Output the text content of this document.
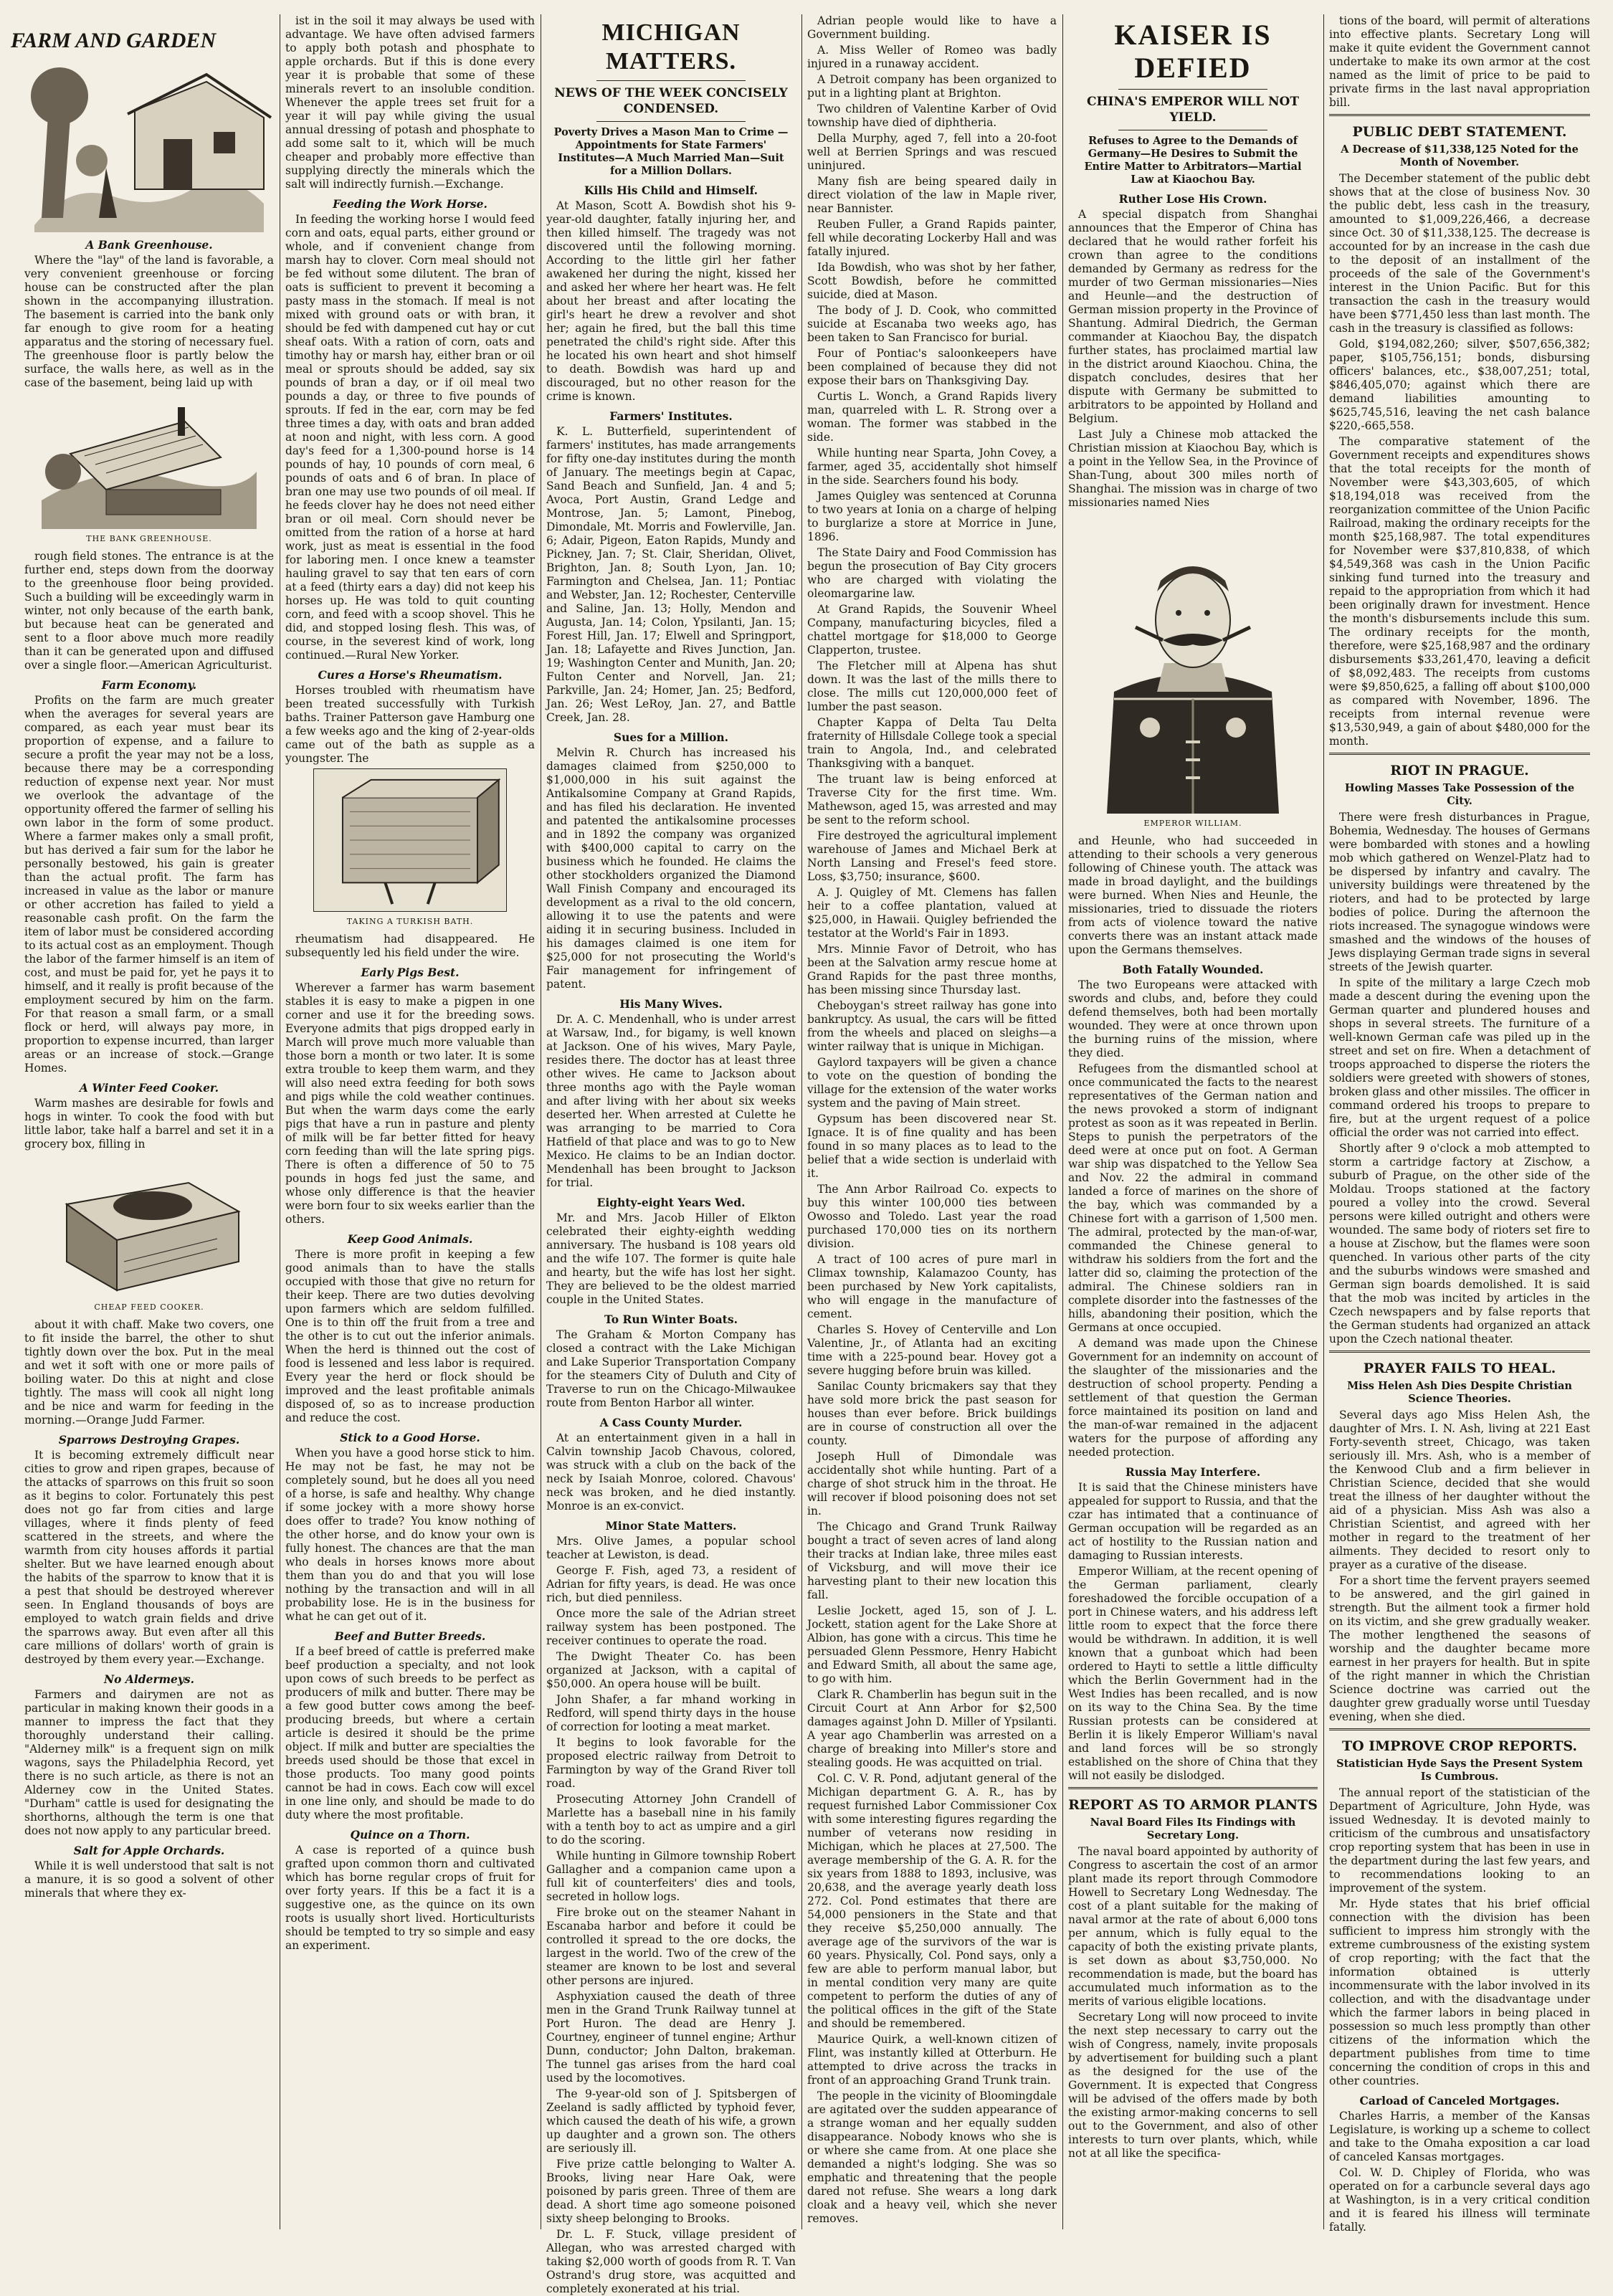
FARM AND GARDEN
A Bank Greenhouse.

Where the "lay" of the land is favorable, a very convenient greenhouse or forcing house can be constructed after the plan shown in the accompanying illustration. The basement is carried into the bank only far enough to give room for a heating apparatus and the storing of necessary fuel. The greenhouse floor is partly below the surface, the walls here, as well as in the case of the basement, being laid up with

THE BANK GREENHOUSE.

rough field stones. The entrance is at the further end, steps down from the doorway to the greenhouse floor being provided. Such a building will be exceedingly warm in winter, not only because of the earth bank, but because heat can be generated and sent to a floor above much more readily than it can be generated upon and diffused over a single floor.—American Agriculturist.

Farm Economy.

Profits on the farm are much greater when the averages for several years are compared, as each year must bear its proportion of expense, and a failure to secure a profit the year may not be a loss, because there may be a corresponding reduction of expense next year. Nor must we overlook the advantage of the opportunity offered the farmer of selling his own labor in the form of some product. Where a farmer makes only a small profit, but has derived a fair sum for the labor he personally bestowed, his gain is greater than the actual profit. The farm has increased in value as the labor or manure or other accretion has failed to yield a reasonable cash profit. On the farm the item of labor must be considered according to its actual cost as an employment. Though the labor of the farmer himself is an item of cost, and must be paid for, yet he pays it to himself, and it really is profit because of the employment secured by him on the farm. For that reason a small farm, or a small flock or herd, will always pay more, in proportion to expense incurred, than larger areas or an increase of stock.—Grange Homes.

A Winter Feed Cooker.

Warm mashes are desirable for fowls and hogs in winter. To cook the food with but little labor, take half a barrel and set it in a grocery box, filling in

CHEAP FEED COOKER.

about it with chaff. Make two covers, one to fit inside the barrel, the other to shut tightly down over the box. Put in the meal and wet it soft with one or more pails of boiling water. Do this at night and close tightly. The mass will cook all night long and be nice and warm for feeding in the morning.—Orange Judd Farmer.

Sparrows Destroying Grapes.

It is becoming extremely difficult near cities to grow and ripen grapes, because of the attacks of sparrows on this fruit so soon as it begins to color. Fortunately this pest does not go far from cities and large villages, where it finds plenty of feed scattered in the streets, and where the warmth from city houses affords it partial shelter. But we have learned enough about the habits of the sparrow to know that it is a pest that should be destroyed wherever seen. In England thousands of boys are employed to watch grain fields and drive the sparrows away. But even after all this care millions of dollars' worth of grain is destroyed by them every year.—Exchange.

No Aldermeys.

Farmers and dairymen are not as particular in making known their goods in a manner to impress the fact that they thoroughly understand their calling. "Alderney milk" is a frequent sign on milk wagons, says the Philadelphia Record, yet there is no such article, as there is not an Alderney cow in the United States. "Durham" cattle is used for designating the shorthorns, although the term is one that does not now apply to any particular breed.

Salt for Apple Orchards.

While it is well understood that salt is not a manure, it is so good a solvent of other minerals that where they ex-

ist in the soil it may always be used with advantage. We have often advised farmers to apply both potash and phosphate to apple orchards. But if this is done every year it is probable that some of these minerals revert to an insoluble condition. Whenever the apple trees set fruit for a year it will pay while giving the usual annual dressing of potash and phosphate to add some salt to it, which will be much cheaper and probably more effective than supplying directly the minerals which the salt will indirectly furnish.—Exchange.

Feeding the Work Horse.

In feeding the working horse I would feed corn and oats, equal parts, either ground or whole, and if convenient change from marsh hay to clover. Corn meal should not be fed without some dilutent. The bran of oats is sufficient to prevent it becoming a pasty mass in the stomach. If meal is not mixed with ground oats or with bran, it should be fed with dampened cut hay or cut sheaf oats. With a ration of corn, oats and timothy hay or marsh hay, either bran or oil meal or sprouts should be added, say six pounds of bran a day, or if oil meal two pounds a day, or three to five pounds of sprouts. If fed in the ear, corn may be fed three times a day, with oats and bran added at noon and night, with less corn. A good day's feed for a 1,300-pound horse is 14 pounds of hay, 10 pounds of corn meal, 6 pounds of oats and 6 of bran. In place of bran one may use two pounds of oil meal. If he feeds clover hay he does not need either bran or oil meal. Corn should never be omitted from the ration of a horse at hard work, just as meat is essential in the food for laboring men. I once knew a teamster hauling gravel to say that ten ears of corn at a feed (thirty ears a day) did not keep his horses up. He was told to quit counting corn, and feed with a scoop shovel. This he did, and stopped losing flesh. This was, of course, in the severest kind of work, long continued.—Rural New Yorker.

Cures a Horse's Rheumatism.

Horses troubled with rheumatism have been treated successfully with Turkish baths. Trainer Patterson gave Hamburg one a few weeks ago and the king of 2-year-olds came out of the bath as supple as a youngster. The

TAKING A TURKISH BATH.

rheumatism had disappeared. He subsequently led his field under the wire.

Early Pigs Best.

Wherever a farmer has warm basement stables it is easy to make a pigpen in one corner and use it for the breeding sows. Everyone admits that pigs dropped early in March will prove much more valuable than those born a month or two later. It is some extra trouble to keep them warm, and they will also need extra feeding for both sows and pigs while the cold weather continues. But when the warm days come the early pigs that have a run in pasture and plenty of milk will be far better fitted for heavy corn feeding than will the late spring pigs. There is often a difference of 50 to 75 pounds in hogs fed just the same, and whose only difference is that the heavier were born four to six weeks earlier than the others.

Keep Good Animals.

There is more profit in keeping a few good animals than to have the stalls occupied with those that give no return for their keep. There are two duties devolving upon farmers which are seldom fulfilled. One is to thin off the fruit from a tree and the other is to cut out the inferior animals. When the herd is thinned out the cost of food is lessened and less labor is required. Every year the herd or flock should be improved and the least profitable animals disposed of, so as to increase production and reduce the cost.

Stick to a Good Horse.

When you have a good horse stick to him. He may not be fast, he may not be completely sound, but he does all you need of a horse, is safe and healthy. Why change if some jockey with a more showy horse does offer to trade? You know nothing of the other horse, and do know your own is fully honest. The chances are that the man who deals in horses knows more about them than you do and that you will lose nothing by the transaction and will in all probability lose. He is in the business for what he can get out of it.

Beef and Butter Breeds.

If a beef breed of cattle is preferred make beef production a specialty, and not look upon cows of such breeds to be perfect as producers of milk and butter. There may be a few good butter cows among the beef-producing breeds, but where a certain article is desired it should be the prime object. If milk and butter are specialties the breeds used should be those that excel in those products. Too many good points cannot be had in cows. Each cow will excel in one line only, and should be made to do duty where the most profitable.

Quince on a Thorn.

A case is reported of a quince bush grafted upon common thorn and cultivated which has borne regular crops of fruit for over forty years. If this be a fact it is a suggestive one, as the quince on its own roots is usually short lived. Horticulturists should be tempted to try so simple and easy an experiment.

MICHIGAN MATTERS.
NEWS OF THE WEEK CONCISELY CONDENSED.
Poverty Drives a Mason Man to Crime —Appointments for State Farmers' Institutes—A Much Married Man—Suit for a Million Dollars.
Kills His Child and Himself.

At Mason, Scott A. Bowdish shot his 9-year-old daughter, fatally injuring her, and then killed himself. The tragedy was not discovered until the following morning. According to the little girl her father awakened her during the night, kissed her and asked her where her heart was. He felt about her breast and after locating the girl's heart he drew a revolver and shot her; again he fired, but the ball this time penetrated the child's right side. After this he located his own heart and shot himself to death. Bowdish was hard up and discouraged, but no other reason for the crime is known.

Farmers' Institutes.

K. L. Butterfield, superintendent of farmers' institutes, has made arrangements for fifty one-day institutes during the month of January. The meetings begin at Capac, Sand Beach and Sunfield, Jan. 4 and 5; Avoca, Port Austin, Grand Ledge and Montrose, Jan. 5; Lamont, Pinebog, Dimondale, Mt. Morris and Fowlerville, Jan. 6; Adair, Pigeon, Eaton Rapids, Mundy and Pickney, Jan. 7; St. Clair, Sheridan, Olivet, Brighton, Jan. 8; South Lyon, Jan. 10; Farmington and Chelsea, Jan. 11; Pontiac and Webster, Jan. 12; Rochester, Centerville and Saline, Jan. 13; Holly, Mendon and Augusta, Jan. 14; Colon, Ypsilanti, Jan. 15; Forest Hill, Jan. 17; Elwell and Springport, Jan. 18; Lafayette and Rives Junction, Jan. 19; Washington Center and Munith, Jan. 20; Fulton Center and Norvell, Jan. 21; Parkville, Jan. 24; Homer, Jan. 25; Bedford, Jan. 26; West LeRoy, Jan. 27, and Battle Creek, Jan. 28.

Sues for a Million.

Melvin R. Church has increased his damages claimed from $250,000 to $1,000,000 in his suit against the Antikalsomine Company at Grand Rapids, and has filed his declaration. He invented and patented the antikalsomine processes and in 1892 the company was organized with $400,000 capital to carry on the business which he founded. He claims the other stockholders organized the Diamond Wall Finish Company and encouraged its development as a rival to the old concern, allowing it to use the patents and were aiding it in securing business. Included in his damages claimed is one item for $25,000 for not prosecuting the World's Fair management for infringement of patent.

His Many Wives.

Dr. A. C. Mendenhall, who is under arrest at Warsaw, Ind., for bigamy, is well known at Jackson. One of his wives, Mary Payle, resides there. The doctor has at least three other wives. He came to Jackson about three months ago with the Payle woman and after living with her about six weeks deserted her. When arrested at Culette he was arranging to be married to Cora Hatfield of that place and was to go to New Mexico. He claims to be an Indian doctor. Mendenhall has been brought to Jackson for trial.

Eighty-eight Years Wed.

Mr. and Mrs. Jacob Hiller of Elkton celebrated their eighty-eighth wedding anniversary. The husband is 108 years old and the wife 107. The former is quite hale and hearty, but the wife has lost her sight. They are believed to be the oldest married couple in the United States.

To Run Winter Boats.

The Graham & Morton Company has closed a contract with the Lake Michigan and Lake Superior Transportation Company for the steamers City of Duluth and City of Traverse to run on the Chicago-Milwaukee route from Benton Harbor all winter.

A Cass County Murder.

At an entertainment given in a hall in Calvin township Jacob Chavous, colored, was struck with a club on the back of the neck by Isaiah Monroe, colored. Chavous' neck was broken, and he died instantly. Monroe is an ex-convict.

Minor State Matters.

Mrs. Olive James, a popular school teacher at Lewiston, is dead.

George F. Fish, aged 73, a resident of Adrian for fifty years, is dead. He was once rich, but died penniless.

Once more the sale of the Adrian street railway system has been postponed. The receiver continues to operate the road.

The Dwight Theater Co. has been organized at Jackson, with a capital of $50,000. An opera house will be built.

John Shafer, a far mhand working in Redford, will spend thirty days in the house of correction for looting a meat market.

It begins to look favorable for the proposed electric railway from Detroit to Farmington by way of the Grand River toll road.

Prosecuting Attorney John Crandell of Marlette has a baseball nine in his family with a tenth boy to act as umpire and a girl to do the scoring.

While hunting in Gilmore township Robert Gallagher and a companion came upon a full kit of counterfeiters' dies and tools, secreted in hollow logs.

Fire broke out on the steamer Nahant in Escanaba harbor and before it could be controlled it spread to the ore docks, the largest in the world. Two of the crew of the steamer are known to be lost and several other persons are injured.

Asphyxiation caused the death of three men in the Grand Trunk Railway tunnel at Port Huron. The dead are Henry J. Courtney, engineer of tunnel engine; Arthur Dunn, conductor; John Dalton, brakeman. The tunnel gas arises from the hard coal used by the locomotives.

The 9-year-old son of J. Spitsbergen of Zeeland is sadly afflicted by typhoid fever, which caused the death of his wife, a grown up daughter and a grown son. The others are seriously ill.

Five prize cattle belonging to Walter A. Brooks, living near Hare Oak, were poisoned by paris green. Three of them are dead. A short time ago someone poisoned sixty sheep belonging to Brooks.

Dr. L. F. Stuck, village president of Allegan, who was arrested charged with taking $2,000 worth of goods from R. T. Van Ostrand's drug store, was acquitted and completely exonerated at his trial.

Adrian people would like to have a Government building.

A. Miss Weller of Romeo was badly injured in a runaway accident.

A Detroit company has been organized to put in a lighting plant at Brighton.

Two children of Valentine Karber of Ovid township have died of diphtheria.

Della Murphy, aged 7, fell into a 20-foot well at Berrien Springs and was rescued uninjured.

Many fish are being speared daily in direct violation of the law in Maple river, near Bannister.

Reuben Fuller, a Grand Rapids painter, fell while decorating Lockerby Hall and was fatally injured.

Ida Bowdish, who was shot by her father, Scott Bowdish, before he committed suicide, died at Mason.

The body of J. D. Cook, who committed suicide at Escanaba two weeks ago, has been taken to San Francisco for burial.

Four of Pontiac's saloonkeepers have been complained of because they did not expose their bars on Thanksgiving Day.

Curtis L. Wonch, a Grand Rapids livery man, quarreled with L. R. Strong over a woman. The former was stabbed in the side.

While hunting near Sparta, John Covey, a farmer, aged 35, accidentally shot himself in the side. Searchers found his body.

James Quigley was sentenced at Corunna to two years at Ionia on a charge of helping to burglarize a store at Morrice in June, 1896.

The State Dairy and Food Commission has begun the prosecution of Bay City grocers who are charged with violating the oleomargarine law.

At Grand Rapids, the Souvenir Wheel Company, manufacturing bicycles, filed a chattel mortgage for $18,000 to George Clapperton, trustee.

The Fletcher mill at Alpena has shut down. It was the last of the mills there to close. The mills cut 120,000,000 feet of lumber the past season.

Chapter Kappa of Delta Tau Delta fraternity of Hillsdale College took a special train to Angola, Ind., and celebrated Thanksgiving with a banquet.

The truant law is being enforced at Traverse City for the first time. Wm. Mathewson, aged 15, was arrested and may be sent to the reform school.

Fire destroyed the agricultural implement warehouse of James and Michael Berk at North Lansing and Fresel's feed store. Loss, $3,750; insurance, $600.

A. J. Quigley of Mt. Clemens has fallen heir to a coffee plantation, valued at $25,000, in Hawaii. Quigley befriended the testator at the World's Fair in 1893.

Mrs. Minnie Favor of Detroit, who has been at the Salvation army rescue home at Grand Rapids for the past three months, has been missing since Thursday last.

Cheboygan's street railway has gone into bankruptcy. As usual, the cars will be fitted from the wheels and placed on sleighs—a winter railway that is unique in Michigan.

Gaylord taxpayers will be given a chance to vote on the question of bonding the village for the extension of the water works system and the paving of Main street.

Gypsum has been discovered near St. Ignace. It is of fine quality and has been found in so many places as to lead to the belief that a wide section is underlaid with it.

The Ann Arbor Railroad Co. expects to buy this winter 100,000 ties between Owosso and Toledo. Last year the road purchased 170,000 ties on its northern division.

A tract of 100 acres of pure marl in Climax township, Kalamazoo County, has been purchased by New York capitalists, who will engage in the manufacture of cement.

Charles S. Hovey of Centerville and Lon Valentine, Jr., of Atlanta had an exciting time with a 225-pound bear. Hovey got a severe hugging before bruin was killed.

Sanilac County bricmakers say that they have sold more brick the past season for houses than ever before. Brick buildings are in course of construction all over the county.

Joseph Hull of Dimondale was accidentally shot while hunting. Part of a charge of shot struck him in the throat. He will recover if blood poisoning does not set in.

The Chicago and Grand Trunk Railway bought a tract of seven acres of land along their tracks at Indian lake, three miles east of Vicksburg, and will move their ice harvesting plant to their new location this fall.

Leslie Jockett, aged 15, son of J. L. Jockett, station agent for the Lake Shore at Albion, has gone with a circus. This time he persuaded Glenn Pessmore, Henry Habicht and Edward Smith, all about the same age, to go with him.

Clark R. Chamberlin has begun suit in the Circuit Court at Ann Arbor for $2,500 damages against John D. Miller of Ypsilanti. A year ago Chamberlin was arrested on a charge of breaking into Miller's store and stealing goods. He was acquitted on trial.

Col. C. V. R. Pond, adjutant general of the Michigan department G. A. R., has by request furnished Labor Commissioner Cox with some interesting figures regarding the number of veterans now residing in Michigan, which he places at 27,500. The average membership of the G. A. R. for the six years from 1888 to 1893, inclusive, was 20,638, and the average yearly death loss 272. Col. Pond estimates that there are 54,000 pensioners in the State and that they receive $5,250,000 annually. The average age of the survivors of the war is 60 years. Physically, Col. Pond says, only a few are able to perform manual labor, but in mental condition very many are quite competent to perform the duties of any of the political offices in the gift of the State and should be remembered.

Maurice Quirk, a well-known citizen of Flint, was instantly killed at Otterburn. He attempted to drive across the tracks in front of an approaching Grand Trunk train.

The people in the vicinity of Bloomingdale are agitated over the sudden appearance of a strange woman and her equally sudden disappearance. Nobody knows who she is or where she came from. At one place she demanded a night's lodging. She was so emphatic and threatening that the people dared not refuse. She wears a long dark cloak and a heavy veil, which she never removes.

KAISER IS DEFIED
CHINA'S EMPEROR WILL NOT YIELD.
Refuses to Agree to the Demands of Germany—He Desires to Submit the Entire Matter to Arbitrators—Martial Law at Kiaochou Bay.
Ruther Lose His Crown.

A special dispatch from Shanghai announces that the Emperor of China has declared that he would rather forfeit his crown than agree to the conditions demanded by Germany as redress for the murder of two German missionaries—Nies and Heunle—and the destruction of German mission property in the Province of Shantung. Admiral Diedrich, the German commander at Kiaochou Bay, the dispatch further states, has proclaimed martial law in the district around Kiaochou. China, the dispatch concludes, desires that her dispute with Germany be submitted to arbitrators to be appointed by Holland and Belgium.

Last July a Chinese mob attacked the Christian mission at Kiaochou Bay, which is a point in the Yellow Sea, in the Province of Shan-Tung, about 300 miles north of Shanghai. The mission was in charge of two missionaries named Nies

EMPEROR WILLIAM.

and Heunle, who had succeeded in attending to their schools a very generous following of Chinese youth. The attack was made in broad daylight, and the buildings were burned. When Nies and Heunle, the missionaries, tried to dissuade the rioters from acts of violence toward the native converts there was an instant attack made upon the Germans themselves.

Both Fatally Wounded.

The two Europeans were attacked with swords and clubs, and, before they could defend themselves, both had been mortally wounded. They were at once thrown upon the burning ruins of the mission, where they died.

Refugees from the dismantled school at once communicated the facts to the nearest representatives of the German nation and the news provoked a storm of indignant protest as soon as it was repeated in Berlin. Steps to punish the perpetrators of the deed were at once put on foot. A German war ship was dispatched to the Yellow Sea and Nov. 22 the admiral in command landed a force of marines on the shore of the bay, which was commanded by a Chinese fort with a garrison of 1,500 men. The admiral, protected by the man-of-war, commanded the Chinese general to withdraw his soldiers from the fort and the latter did so, claiming the protection of the admiral. The Chinese soldiers ran in complete disorder into the fastnesses of the hills, abandoning their position, which the Germans at once occupied.

A demand was made upon the Chinese Government for an indemnity on account of the slaughter of the missionaries and the destruction of school property. Pending a settlement of that question the German force maintained its position on land and the man-of-war remained in the adjacent waters for the purpose of affording any needed protection.

Russia May Interfere.

It is said that the Chinese ministers have appealed for support to Russia, and that the czar has intimated that a continuance of German occupation will be regarded as an act of hostility to the Russian nation and damaging to Russian interests.

Emperor William, at the recent opening of the German parliament, clearly foreshadowed the forcible occupation of a port in Chinese waters, and his address left little room to expect that the force there would be withdrawn. In addition, it is well known that a gunboat which had been ordered to Hayti to settle a little difficulty which the Berlin Government had in the West Indies has been recalled, and is now on its way to the China Sea. By the time Russian protests can be considered at Berlin it is likely Emperor William's naval and land forces will be so strongly established on the shore of China that they will not easily be dislodged.

REPORT AS TO ARMOR PLANTS
Naval Board Files Its Findings with Secretary Long.

The naval board appointed by authority of Congress to ascertain the cost of an armor plant made its report through Commodore Howell to Secretary Long Wednesday. The cost of a plant suitable for the making of naval armor at the rate of about 6,000 tons per annum, which is fully equal to the capacity of both the existing private plants, is set down as about $3,750,000. No recommendation is made, but the board has accumulated much information as to the merits of various eligible locations.

Secretary Long will now proceed to invite the next step necessary to carry out the wish of Congress, namely, invite proposals by advertisement for building such a plant as the designed for the use of the Government. It is expected that Congress will be advised of the offers made by both the existing armor-making concerns to sell out to the Government, and also of other interests to turn over plants, which, while not at all like the specifica-

tions of the board, will permit of alterations into effective plants. Secretary Long will make it quite evident the Government cannot undertake to make its own armor at the cost named as the limit of price to be paid to private firms in the last naval appropriation bill.

PUBLIC DEBT STATEMENT.
A Decrease of $11,338,125 Noted for the Month of November.

The December statement of the public debt shows that at the close of business Nov. 30 the public debt, less cash in the treasury, amounted to $1,009,226,466, a decrease since Oct. 30 of $11,338,125. The decrease is accounted for by an increase in the cash due to the deposit of an installment of the proceeds of the sale of the Government's interest in the Union Pacific. But for this transaction the cash in the treasury would have been $771,450 less than last month. The cash in the treasury is classified as follows:

Gold, $194,082,260; silver, $507,656,382; paper, $105,756,151; bonds, disbursing officers' balances, etc., $38,007,251; total, $846,405,070; against which there are demand liabilities amounting to $625,745,516, leaving the net cash balance $220,-665,558.

The comparative statement of the Government receipts and expenditures shows that the total receipts for the month of November were $43,303,605, of which $18,194,018 was received from the reorganization committee of the Union Pacific Railroad, making the ordinary receipts for the month $25,168,987. The total expenditures for November were $37,810,838, of which $4,549,368 was cash in the Union Pacific sinking fund turned into the treasury and repaid to the appropriation from which it had been originally drawn for investment. Hence the month's disbursements include this sum. The ordinary receipts for the month, therefore, were $25,168,987 and the ordinary disbursements $33,261,470, leaving a deficit of $8,092,483. The receipts from customs were $9,850,625, a falling off about $100,000 as compared with November, 1896. The receipts from internal revenue were $13,530,949, a gain of about $480,000 for the month.

RIOT IN PRAGUE.
Howling Masses Take Possession of the City.

There were fresh disturbances in Prague, Bohemia, Wednesday. The houses of Germans were bombarded with stones and a howling mob which gathered on Wenzel-Platz had to be dispersed by infantry and cavalry. The university buildings were threatened by the rioters, and had to be protected by large bodies of police. During the afternoon the riots increased. The synagogue windows were smashed and the windows of the houses of Jews displaying German trade signs in several streets of the Jewish quarter.

In spite of the military a large Czech mob made a descent during the evening upon the German quarter and plundered houses and shops in several streets. The furniture of a well-known German cafe was piled up in the street and set on fire. When a detachment of troops approached to disperse the rioters the soldiers were greeted with showers of stones, broken glass and other missiles. The officer in command ordered his troops to prepare to fire, but at the urgent request of a police official the order was not carried into effect.

Shortly after 9 o'clock a mob attempted to storm a cartridge factory at Zischow, a suburb of Prague, on the other side of the Moldau. Troops stationed at the factory poured a volley into the crowd. Several persons were killed outright and others were wounded. The same body of rioters set fire to a house at Zischow, but the flames were soon quenched. In various other parts of the city and the suburbs windows were smashed and German sign boards demolished. It is said that the mob was incited by articles in the Czech newspapers and by false reports that the German students had organized an attack upon the Czech national theater.

PRAYER FAILS TO HEAL.
Miss Helen Ash Dies Despite Christian Science Theories.

Several days ago Miss Helen Ash, the daughter of Mrs. I. N. Ash, living at 221 East Forty-seventh street, Chicago, was taken seriously ill. Mrs. Ash, who is a member of the Kenwood Club and a firm believer in Christian Science, decided that she would treat the illness of her daughter without the aid of a physician. Miss Ash was also a Christian Scientist, and agreed with her mother in regard to the treatment of her ailments. They decided to resort only to prayer as a curative of the disease.

For a short time the fervent prayers seemed to be answered, and the girl gained in strength. But the ailment took a firmer hold on its victim, and she grew gradually weaker. The mother lengthened the seasons of worship and the daughter became more earnest in her prayers for health. But in spite of the right manner in which the Christian Science doctrine was carried out the daughter grew gradually worse until Tuesday evening, when she died.

TO IMPROVE CROP REPORTS.
Statistician Hyde Says the Present System Is Cumbrous.

The annual report of the statistician of the Department of Agriculture, John Hyde, was issued Wednesday. It is devoted mainly to criticism of the cumbrous and unsatisfactory crop reporting system that has been in use in the department during the last few years, and to recommendations looking to an improvement of the system.

Mr. Hyde states that his brief official connection with the division has been sufficient to impress him strongly with the extreme cumbrousness of the existing system of crop reporting; with the fact that the information obtained is utterly incommensurate with the labor involved in its collection, and with the disadvantage under which the farmer labors in being placed in possession so much less promptly than other citizens of the information which the department publishes from time to time concerning the condition of crops in this and other countries.

Carload of Canceled Mortgages.

Charles Harris, a member of the Kansas Legislature, is working up a scheme to collect and take to the Omaha exposition a car load of canceled Kansas mortgages.

Col. W. D. Chipley of Florida, who was operated on for a carbuncle several days ago at Washington, is in a very critical condition and it is feared his illness will terminate fatally.
